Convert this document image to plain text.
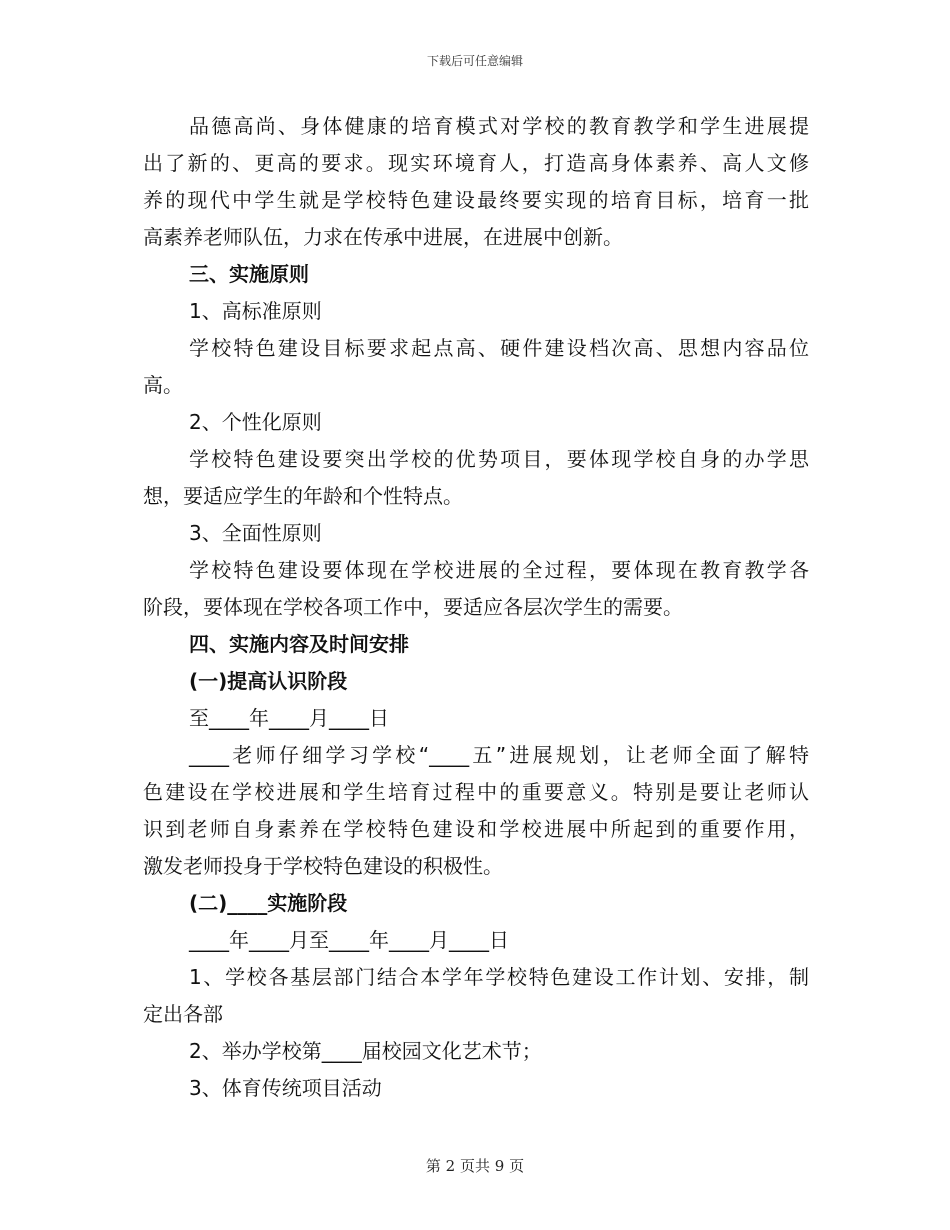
下载后可任意编辑
品德高尚、身体健康的培育模式对学校的教育教学和学生进展提
出了新的、更高的要求。现实环境育人，打造高身体素养、高人文修
养的现代中学生就是学校特色建设最终要实现的培育目标，培育一批
高素养老师队伍，力求在传承中进展，在进展中创新。
三、实施原则
1、高标准原则
学校特色建设目标要求起点高、硬件建设档次高、思想内容品位
高。
2、个性化原则
学校特色建设要突出学校的优势项目，要体现学校自身的办学思
想，要适应学生的年龄和个性特点。
3、全面性原则
学校特色建设要体现在学校进展的全过程，要体现在教育教学各
阶段，要体现在学校各项工作中，要适应各层次学生的需要。
四、实施内容及时间安排
(一)提高认识阶段
至____年____月____日
____老师仔细学习学校“____五”进展规划，让老师全面了解特
色建设在学校进展和学生培育过程中的重要意义。特别是要让老师认
识到老师自身素养在学校特色建设和学校进展中所起到的重要作用，
激发老师投身于学校特色建设的积极性。
(二)____实施阶段
____年____月至____年____月____日
1、学校各基层部门结合本学年学校特色建设工作计划、安排，制
定出各部
2、举办学校第____届校园文化艺术节；
3、体育传统项目活动
第 2 页共 9 页
